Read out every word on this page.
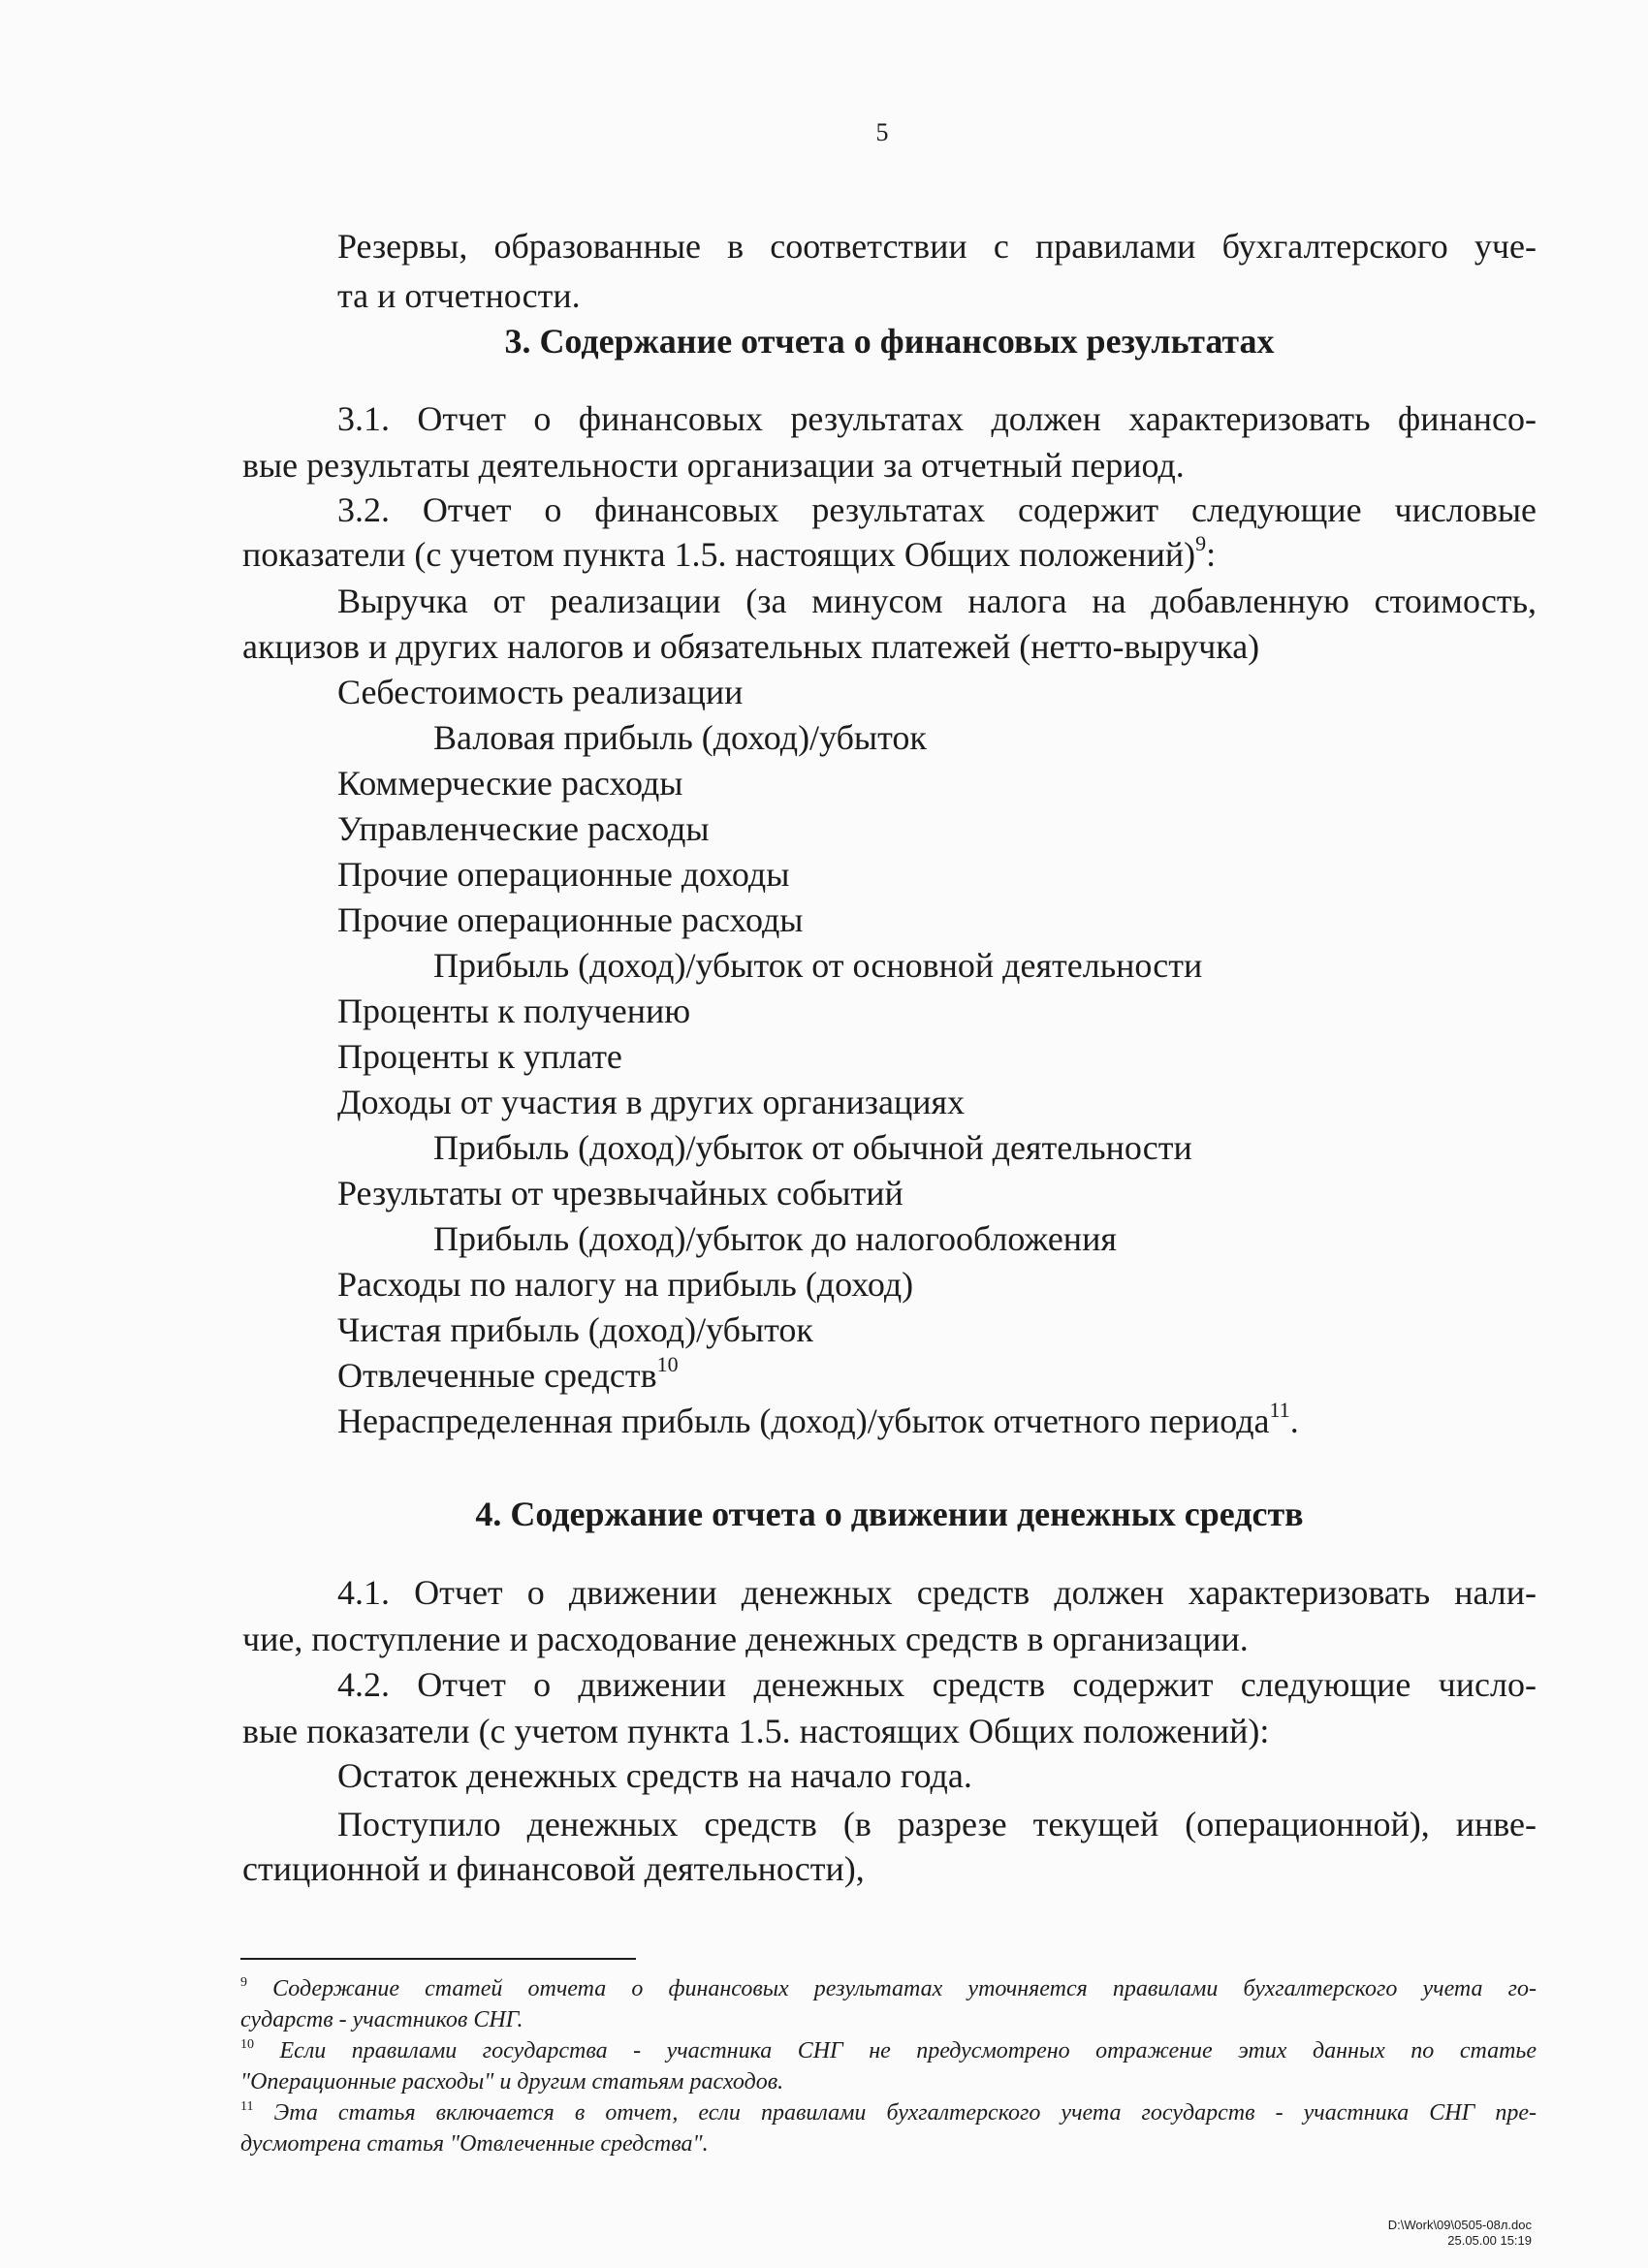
5
Резервы, образованные в соответствии с правилами бухгалтерского уче-
та и отчетности.
3. Содержание отчета о финансовых результатах
3.1. Отчет о финансовых результатах должен характеризовать финансо-
вые результаты деятельности организации за отчетный период.
3.2. Отчет о финансовых результатах содержит следующие числовые
показатели (с учетом пункта 1.5. настоящих Общих положений)$^9$:
Выручка от реализации (за минусом налога на добавленную стоимость,
акцизов и других налогов и обязательных платежей (нетто-выручка)
Себестоимость реализации
Валовая прибыль (доход)/убыток
Коммерческие расходы
Управленческие расходы
Прочие операционные доходы
Прочие операционные расходы
Прибыль (доход)/убыток от основной деятельности
Проценты к получению
Проценты к уплате
Доходы от участия в других организациях
Прибыль (доход)/убыток от обычной деятельности
Результаты от чрезвычайных событий
Прибыль (доход)/убыток до налогообложения
Расходы по налогу на прибыль (доход)
Чистая прибыль (доход)/убыток
Отвлеченные средств$^{10}$
Нераспределенная прибыль (доход)/убыток отчетного периода$^{11}$.
4. Содержание отчета о движении денежных средств
4.1. Отчет о движении денежных средств должен характеризовать нали-
чие, поступление и расходование денежных средств в организации.
4.2. Отчет о движении денежных средств содержит следующие число-
вые показатели (с учетом пункта 1.5. настоящих Общих положений):
Остаток денежных средств на начало года.
Поступило денежных средств (в разрезе текущей (операционной), инве-
стиционной и финансовой деятельности),
$^9$ Содержание статей отчета о финансовых результатах уточняется правилами бухгалтерского учета го-
сударств - участников СНГ.
$^{10}$ Если правилами государства - участника СНГ не предусмотрено отражение этих данных по статье
"Операционные расходы" и другим статьям расходов.
$^{11}$ Эта статья включается в отчет, если правилами бухгалтерского учета государств - участника СНГ пре-
дусмотрена статья "Отвлеченные средства".
D:\Work\09\0505-08л.doc
25.05.00 15:19
